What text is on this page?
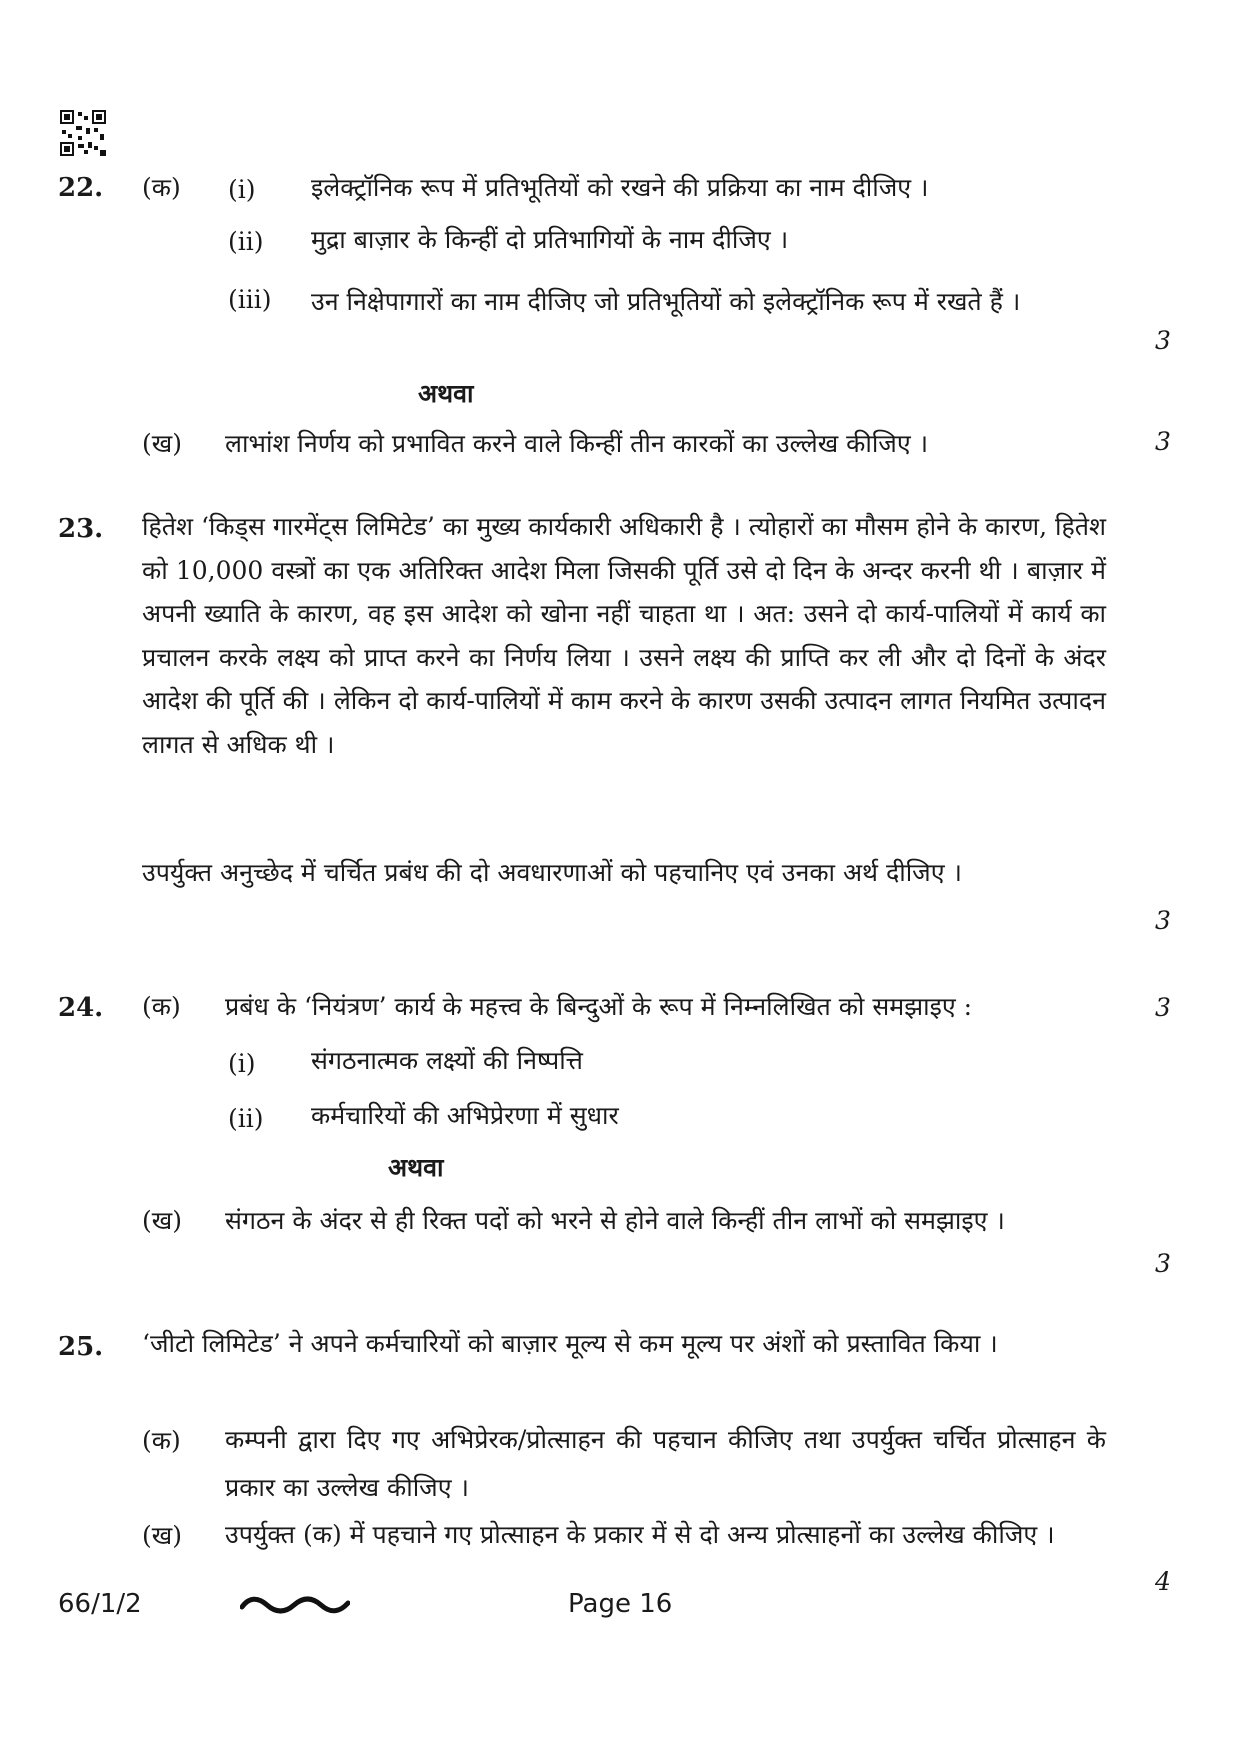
22. (क) (i) इलेक्ट्रॉनिक रूप में प्रतिभूतियों को रखने की प्रक्रिया का नाम दीजिए ।
(ii) मुद्रा बाज़ार के किन्हीं दो प्रतिभागियों के नाम दीजिए ।
(iii) उन निक्षेपागारों का नाम दीजिए जो प्रतिभूतियों को इलेक्ट्रॉनिक रूप में रखते हैं ।
3
अथवा
(ख) लाभांश निर्णय को प्रभावित करने वाले किन्हीं तीन कारकों का उल्लेख कीजिए ।	3
23. हितेश ‘किड्स गारमेंट्स लिमिटेड’ का मुख्य कार्यकारी अधिकारी है । त्योहारों का मौसम होने के कारण, हितेश को 10,000 वस्त्रों का एक अतिरिक्त आदेश मिला जिसकी पूर्ति उसे दो दिन के अन्दर करनी थी । बाज़ार में अपनी ख्याति के कारण, वह इस आदेश को खोना नहीं चाहता था । अत: उसने दो कार्य-पालियों में कार्य का प्रचालन करके लक्ष्य को प्राप्त करने का निर्णय लिया । उसने लक्ष्य की प्राप्ति कर ली और दो दिनों के अंदर आदेश की पूर्ति की । लेकिन दो कार्य-पालियों में काम करने के कारण उसकी उत्पादन लागत नियमित उत्पादन लागत से अधिक थी ।
उपर्युक्त अनुच्छेद में चर्चित प्रबंध की दो अवधारणाओं को पहचानिए एवं उनका अर्थ दीजिए ।
3
24. (क) प्रबंध के ‘नियंत्रण’ कार्य के महत्त्व के बिन्दुओं के रूप में निम्नलिखित को समझाइए :	3
(i) संगठनात्मक लक्ष्यों की निष्पत्ति
(ii) कर्मचारियों की अभिप्रेरणा में सुधार
अथवा
(ख) संगठन के अंदर से ही रिक्त पदों को भरने से होने वाले किन्हीं तीन लाभों को समझाइए ।
3
25. ‘जीटो लिमिटेड’ ने अपने कर्मचारियों को बाज़ार मूल्य से कम मूल्य पर अंशों को प्रस्तावित किया ।
(क) कम्पनी द्वारा दिए गए अभिप्रेरक/प्रोत्साहन की पहचान कीजिए तथा उपर्युक्त चर्चित प्रोत्साहन के प्रकार का उल्लेख कीजिए ।
(ख) उपर्युक्त (क) में पहचाने गए प्रोत्साहन के प्रकार में से दो अन्य प्रोत्साहनों का उल्लेख कीजिए ।
4
66/1/2	Page 16
